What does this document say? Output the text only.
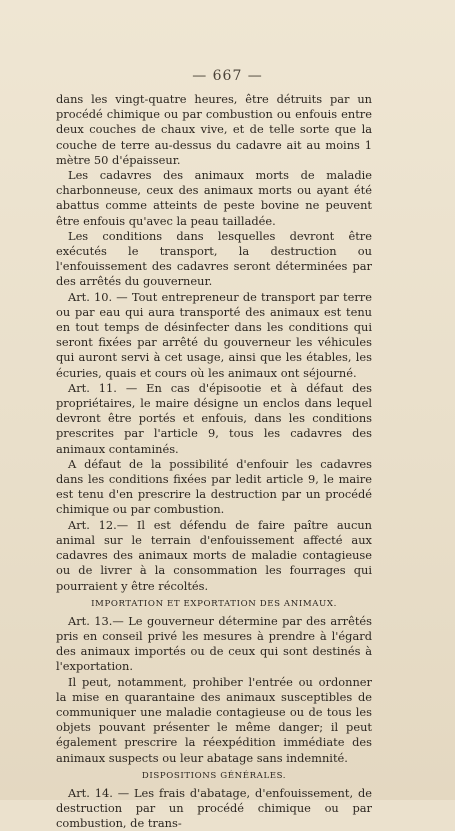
— 667 —

dans les vingt-quatre heures, être détruits par un procédé chimique ou par combustion ou enfouis entre deux couches de chaux vive, et de telle sorte que la couche de terre au-dessus du cadavre ait au moins 1 mètre 50 d'épaisseur.

Les cadavres des animaux morts de maladie charbonneuse, ceux des animaux morts ou ayant été abattus comme atteints de peste bovine ne peuvent être enfouis qu'avec la peau tailladée.

Les conditions dans lesquelles devront être exécutés le transport, la destruction ou l'enfouissement des cadavres seront déterminées par des arrêtés du gouverneur.

Art. 10. — Tout entrepreneur de transport par terre ou par eau qui aura transporté des animaux est tenu en tout temps de désinfecter dans les conditions qui seront fixées par arrêté du gouverneur les véhicules qui auront servi à cet usage, ainsi que les étables, les écuries, quais et cours où les animaux ont séjourné.

Art. 11. — En cas d'épisootie et à défaut des propriétaires, le maire désigne un enclos dans lequel devront être portés et enfouis, dans les conditions prescrites par l'article 9, tous les cadavres des animaux contaminés.

A défaut de la possibilité d'enfouir les cadavres dans les conditions fixées par ledit article 9, le maire est tenu d'en prescrire la destruction par un procédé chimique ou par combustion.

Art. 12.— Il est défendu de faire paître aucun animal sur le terrain d'enfouissement affecté aux cadavres des animaux morts de maladie contagieuse ou de livrer à la consommation les fourrages qui pourraient y être récoltés.

IMPORTATION ET EXPORTATION DES ANIMAUX.

Art. 13.— Le gouverneur détermine par des arrêtés pris en conseil privé les mesures à prendre à l'égard des animaux importés ou de ceux qui sont destinés à l'exportation.

Il peut, notamment, prohiber l'entrée ou ordonner la mise en quarantaine des animaux susceptibles de communiquer une maladie contagieuse ou de tous les objets pouvant présenter le même danger; il peut également prescrire la réexpédition immédiate des animaux suspects ou leur abatage sans indemnité.

DISPOSITIONS GÉNÉRALES.

Art. 14. — Les frais d'abatage, d'enfouissement, de destruction par un procédé chimique ou par combustion, de trans-
